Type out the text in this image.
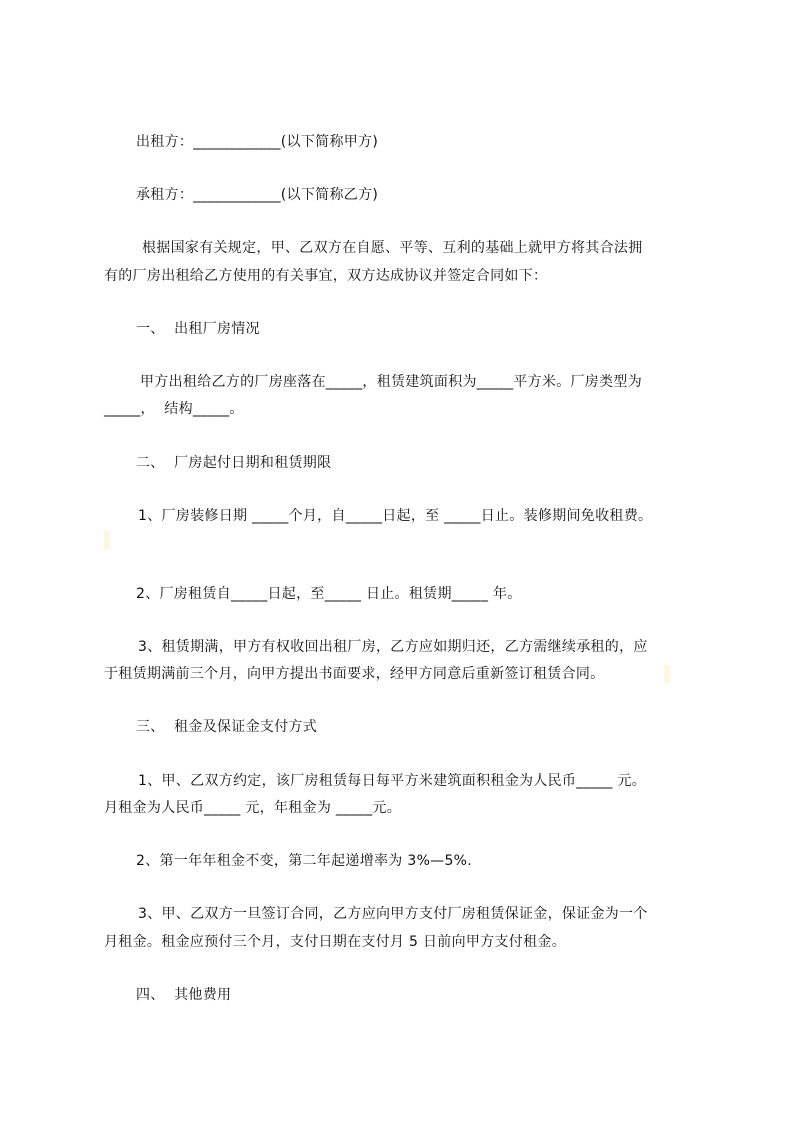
出租方：____________(以下简称甲方)
承租方：____________(以下简称乙方)
根据国家有关规定，甲、乙双方在自愿、平等、互利的基础上就甲方将其合法拥
有的厂房出租给乙方使用的有关事宜，双方达成协议并签定合同如下：
一、  出租厂房情况
甲方出租给乙方的厂房座落在_____，租赁建筑面积为_____平方米。厂房类型为
_____，  结构_____。
二、  厂房起付日期和租赁期限
1、厂房装修日期 _____个月，自_____日起，至 _____日止。装修期间免收租费。
2、厂房租赁自_____日起，至_____ 日止。租赁期_____ 年。
3、租赁期满，甲方有权收回出租厂房，乙方应如期归还，乙方需继续承租的，应
于租赁期满前三个月，向甲方提出书面要求，经甲方同意后重新签订租赁合同。
三、  租金及保证金支付方式
1、甲、乙双方约定，该厂房租赁每日每平方米建筑面积租金为人民币_____ 元。
月租金为人民币_____ 元，年租金为 _____元。
2、第一年年租金不变，第二年起递增率为 3%—5%.
3、甲、乙双方一旦签订合同，乙方应向甲方支付厂房租赁保证金，保证金为一个
月租金。租金应预付三个月，支付日期在支付月 5 日前向甲方支付租金。
四、  其他费用
